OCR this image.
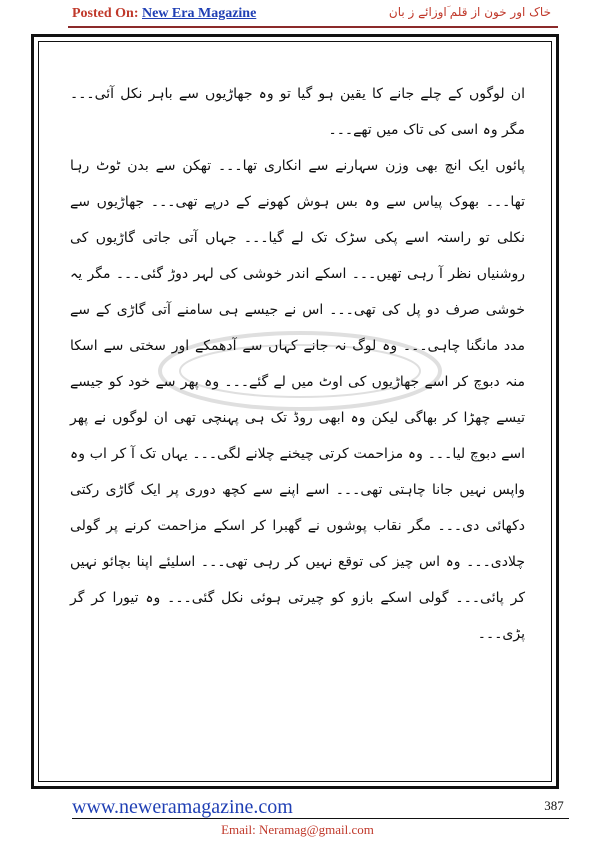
Posted On: New Era Magazine	خاک اور خون از قلم ؔاوزائے ز بان

ان لوگوں کے چلے جانے کا یقین ہو گیا تو وہ جھاڑیوں سے باہر نکل آئی۔۔۔ مگر وہ اسی کی تاک میں تھے۔۔۔

پائوں ایک انچ بھی وزن سہارنے سے انکاری تھا۔۔۔ تھکن سے بدن ٹوٹ رہا تھا۔۔۔ بھوک پیاس سے وہ بس ہوش کھونے کے درپے تھی۔۔۔ جھاڑیوں سے نکلی تو راستہ اسے پکی سڑک تک لے گیا۔۔۔ جہاں آتی جاتی گاڑیوں کی روشنیاں نظر آ رہی تھیں۔۔۔ اسکے اندر خوشی کی لہر دوڑ گئی۔۔۔ مگر یہ خوشی صرف دو پل کی تھی۔۔۔ اس نے جیسے ہی سامنے آتی گاڑی کے سے مدد مانگنا چاہی۔۔۔ وہ لوگ نہ جانے کہاں سے آدھمکے اور سختی سے اسکا منہ دبوچ کر اسے جھاڑیوں کی اوٹ میں لے گئے۔۔۔ وہ پھر سے خود کو جیسے تیسے چھڑا کر بھاگی لیکن وہ ابھی روڈ تک ہی پہنچی تھی ان لوگوں نے پھر اسے دبوچ لیا۔۔۔ وہ مزاحمت کرتی چیخنے چلانے لگی۔۔۔ یہاں تک آ کر اب وہ واپس نہیں جانا چاہتی تھی۔۔۔ اسے اپنے سے کچھ دوری پر ایک گاڑی رکتی دکھائی دی۔۔۔ مگر نقاب پوشوں نے گھبرا کر اسکے مزاحمت کرنے پر گولی چلادی۔۔۔ وہ اس چیز کی توقع نہیں کر رہی تھی۔۔۔ اسلیئے اپنا بچائو نہیں کر پائی۔۔۔ گولی اسکے بازو کو چیرتی ہوئی نکل گئی۔۔۔ وہ تیورا کر گر پڑی۔۔۔

www.neweramagazine.com	387
Email: Neramag@gmail.com
